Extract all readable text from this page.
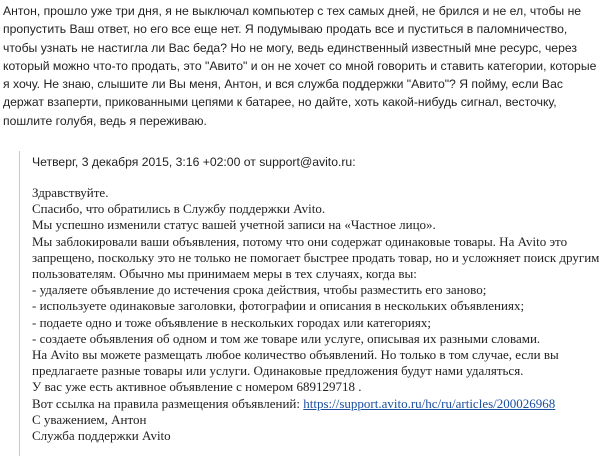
Антон, прошло уже три дня, я не выключал компьютер с тех самых дней, не брился и не ел, чтобы не пропустить Ваш ответ, но его все еще нет. Я подумываю продать все и пуститься в паломничество, чтобы узнать не настигла ли Вас беда? Но не могу, ведь единственный известный мне ресурс, через который можно что-то продать, это "Авито" и он не хочет со мной говорить и ставить категории, которые я хочу. Не знаю, слышите ли Вы меня, Антон, и вся служба поддержки "Авито"? Я пойму, если Вас держат взаперти, прикованными цепями к батарее, но дайте, хоть какой-нибудь сигнал, весточку, пошлите голубя, ведь я переживаю.

Четверг, 3 декабря 2015, 3:16 +02:00 от support@avito.ru:
Здравствуйте.
Спасибо, что обратились в Службу поддержки Avito.
Мы успешно изменили статус вашей учетной записи на «Частное лицо».
Мы заблокировали ваши объявления, потому что они содержат одинаковые товары. На Avito это
запрещено, поскольку это не только не помогает быстрее продать товар, но и усложняет поиск другим
пользователям. Обычно мы принимаем меры в тех случаях, когда вы:
- удаляете объявление до истечения срока действия, чтобы разместить его заново;
- используете одинаковые заголовки, фотографии и описания в нескольких объявлениях;
- подаете одно и тоже объявление в нескольких городах или категориях;
- создаете объявления об одном и том же товаре или услуге, описывая их разными словами.
На Avito вы можете размещать любое количество объявлений. Но только в том случае, если вы
предлагаете разные товары или услуги. Одинаковые предложения будут нами удаляться.
У вас уже есть активное объявление с номером 689129718 .
Вот ссылка на правила размещения объявлений: https://support.avito.ru/hc/ru/articles/200026968
С уважением, Антон
Служба поддержки Avito
